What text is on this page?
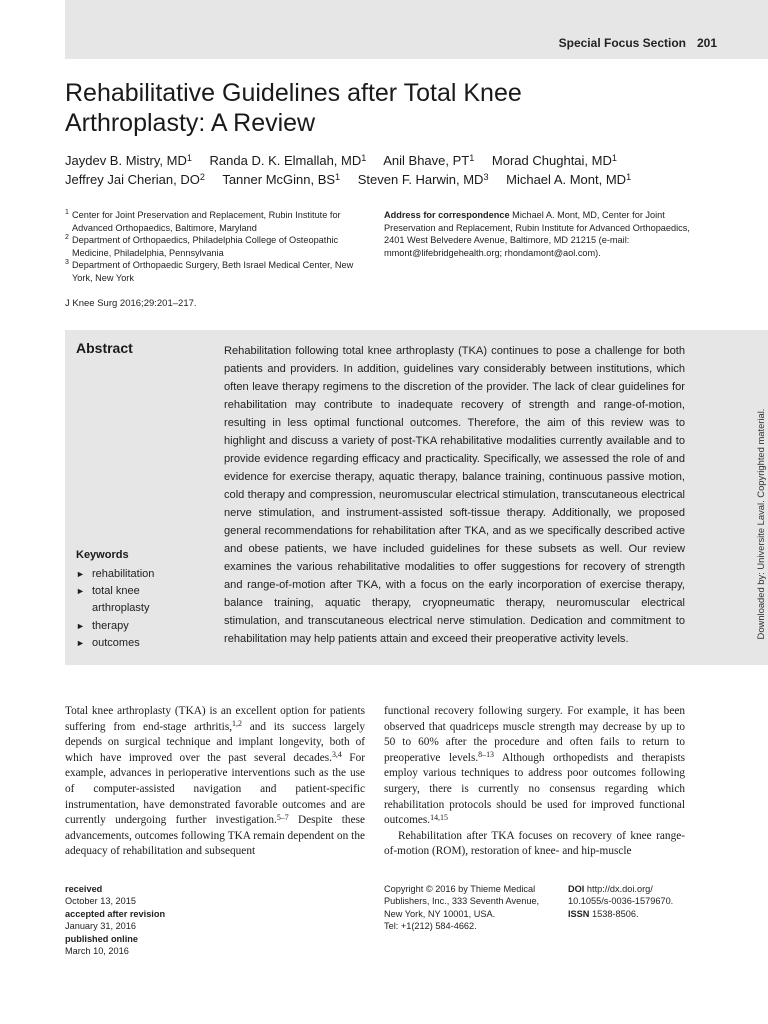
Special Focus Section 201
Rehabilitative Guidelines after Total Knee Arthroplasty: A Review
Jaydev B. Mistry, $MD^1$ Randa D. K. Elmallah, $MD^1$ Anil Bhave, $PT^1$ Morad Chughtai, $MD^1$
Jeffrey Jai Cherian, $DO^2$ Tanner McGinn, $BS^1$ Steven F. Harwin, $MD^3$ Michael A. Mont, $MD^1$
1 Center for Joint Preservation and Replacement, Rubin Institute for Advanced Orthopaedics, Baltimore, Maryland
2 Department of Orthopaedics, Philadelphia College of Osteopathic Medicine, Philadelphia, Pennsylvania
3 Department of Orthopaedic Surgery, Beth Israel Medical Center, New York, New York
Address for correspondence Michael A. Mont, MD, Center for Joint Preservation and Replacement, Rubin Institute for Advanced Orthopaedics, 2401 West Belvedere Avenue, Baltimore, MD 21215 (e-mail: mmont@lifebridgehealth.org; rhondamont@aol.com).
J Knee Surg 2016;29:201–217.
Abstract	Rehabilitation following total knee arthroplasty (TKA) continues to pose a challenge for both patients and providers. In addition, guidelines vary considerably between institutions, which often leave therapy regimens to the discretion of the provider. The lack of clear guidelines for rehabilitation may contribute to inadequate recovery of strength and range-of-motion, resulting in less optimal functional outcomes. Therefore, the aim of this review was to highlight and discuss a variety of post-TKA rehabilitative modalities currently available and to provide evidence regarding efficacy and practicality. Specifically, we assessed the role of and evidence for exercise therapy, aquatic therapy, balance training, continuous passive motion, cold therapy and compression, neuromuscular electrical stimulation, transcutaneous electrical nerve stimulation, and instrument-assisted soft-tissue therapy. Additionally, we proposed general recommendations for rehabilitation after TKA, and as we specifically described active and obese patients, we have included guidelines for these subsets as well. Our review examines the various rehabilitative modalities to offer suggestions for recovery of strength and range-of-motion after TKA, with a focus on the early incorporation of exercise therapy, balance training, aquatic therapy, cryopneumatic therapy, neuromuscular electrical stimulation, and transcutaneous electrical nerve stimulation. Dedication and commitment to rehabilitation may help patients attain and exceed their preoperative activity levels.
Keywords
► rehabilitation
► total knee arthroplasty
► therapy
► outcomes
Downloaded by: Universite Laval. Copyrighted material.

Total knee arthroplasty (TKA) is an excellent option for patients suffering from end-stage arthritis,$^{1,2}$ and its success largely depends on surgical technique and implant longevity, both of which have improved over the past several decades.$^{3,4}$ For example, advances in perioperative interventions such as the use of computer-assisted navigation and patient-specific instrumentation, have demonstrated favorable outcomes and are currently undergoing further investigation.$^{5-7}$ Despite these advancements, outcomes following TKA remain dependent on the adequacy of rehabilitation and subsequent

functional recovery following surgery. For example, it has been observed that quadriceps muscle strength may decrease by up to 50 to 60% after the procedure and often fails to return to preoperative levels.$^{8-13}$ Although orthopedists and therapists employ various techniques to address poor outcomes following surgery, there is currently no consensus regarding which rehabilitation protocols should be used for improved functional outcomes.$^{14,15}$

Rehabilitation after TKA focuses on recovery of knee range-of-motion (ROM), restoration of knee- and hip-muscle

received
October 13, 2015
accepted after revision
January 31, 2016
published online
March 10, 2016
Copyright © 2016 by Thieme Medical
Publishers, Inc., 333 Seventh Avenue,
New York, NY 10001, USA.
Tel: +1(212) 584-4662.
DOI http://dx.doi.org/
10.1055/s-0036-1579670.
ISSN 1538-8506.
